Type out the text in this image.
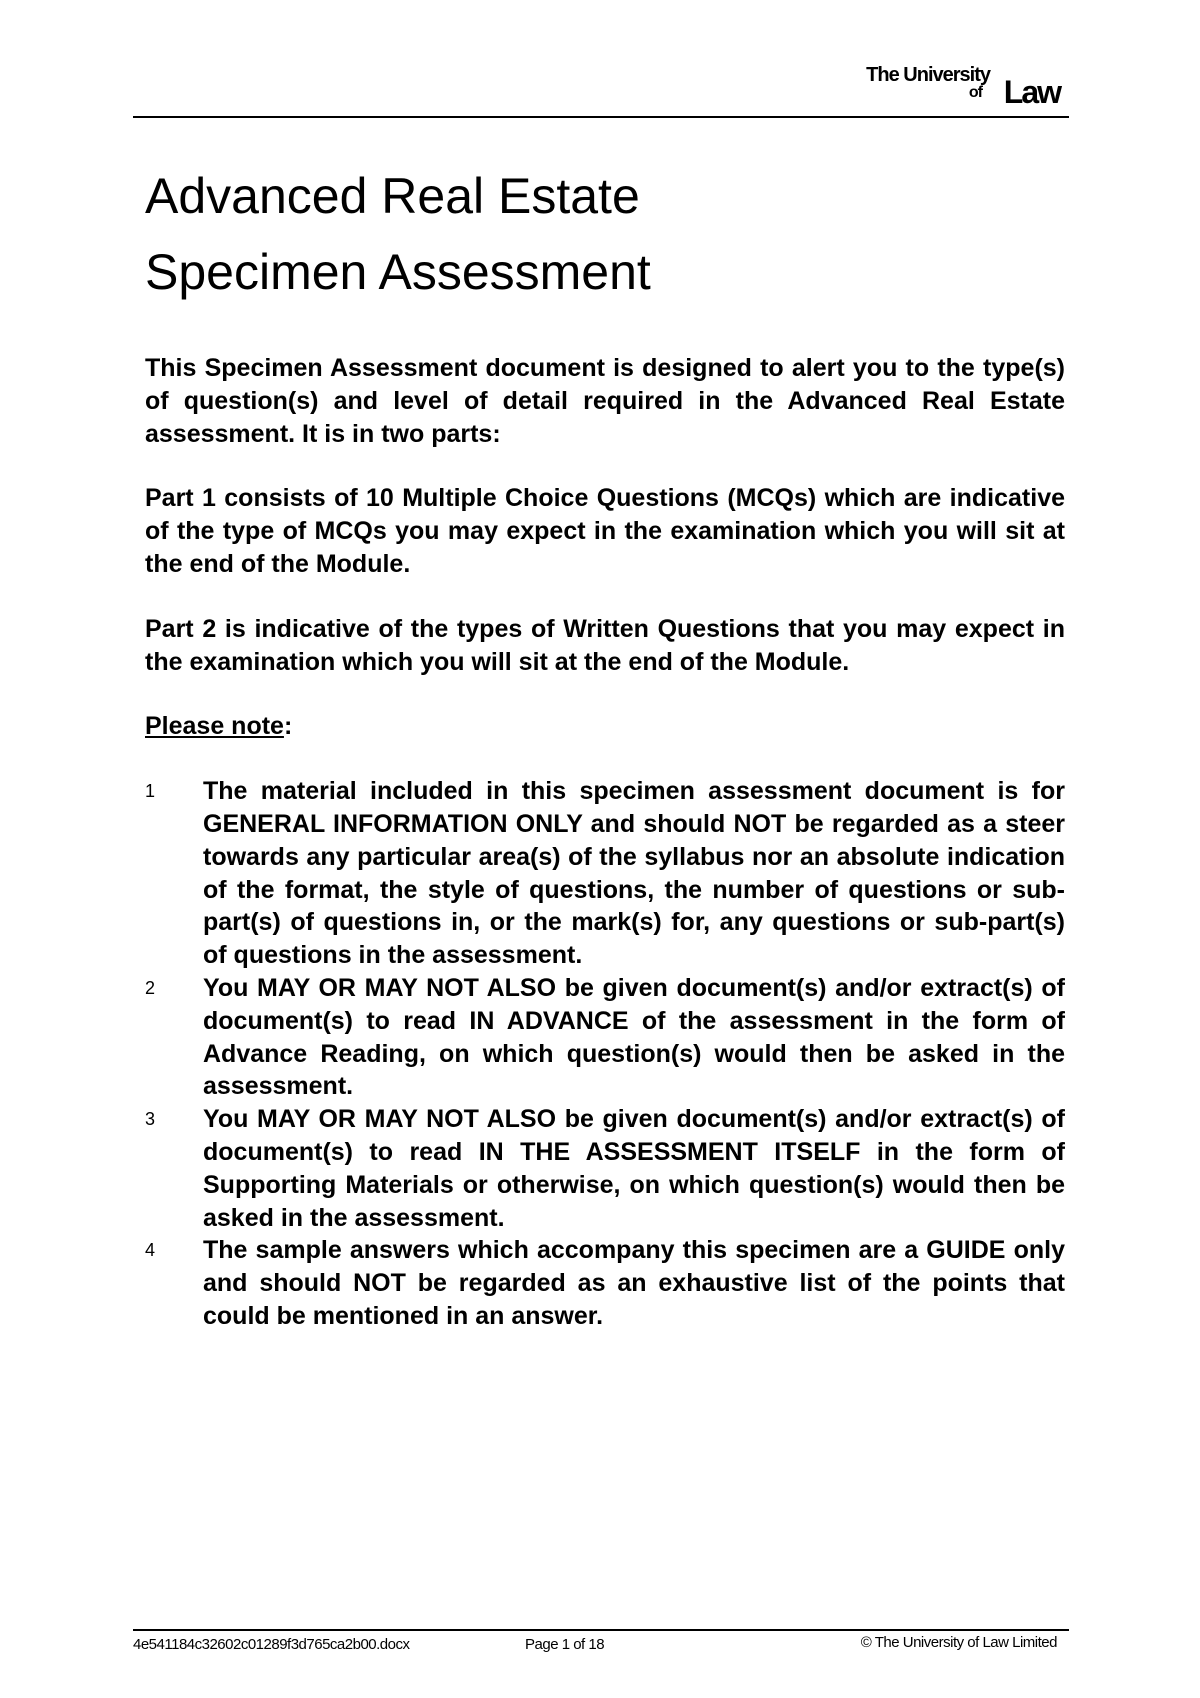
The University
of Law
Advanced Real Estate
Specimen Assessment

This Specimen Assessment document is designed to alert you to the type(s) of question(s) and level of detail required in the Advanced Real Estate assessment. It is in two parts:

Part 1 consists of 10 Multiple Choice Questions (MCQs) which are indicative of the type of MCQs you may expect in the examination which you will sit at the end of the Module.

Part 2 is indicative of the types of Written Questions that you may expect in the examination which you will sit at the end of the Module.

Please note:
1 The material included in this specimen assessment document is for GENERAL INFORMATION ONLY and should NOT be regarded as a steer towards any particular area(s) of the syllabus nor an absolute indication of the format, the style of questions, the number of questions or sub-part(s) of questions in, or the mark(s) for, any questions or sub-part(s) of questions in the assessment.
2 You MAY OR MAY NOT ALSO be given document(s) and/or extract(s) of document(s) to read IN ADVANCE of the assessment in the form of Advance Reading, on which question(s) would then be asked in the assessment.
3 You MAY OR MAY NOT ALSO be given document(s) and/or extract(s) of document(s) to read IN THE ASSESSMENT ITSELF in the form of Supporting Materials or otherwise, on which question(s) would then be asked in the assessment.
4 The sample answers which accompany this specimen are a GUIDE only and should NOT be regarded as an exhaustive list of the points that could be mentioned in an answer.
4e541184c32602c01289f3d765ca2b00.docx	Page 1 of 18	© The University of Law Limited
